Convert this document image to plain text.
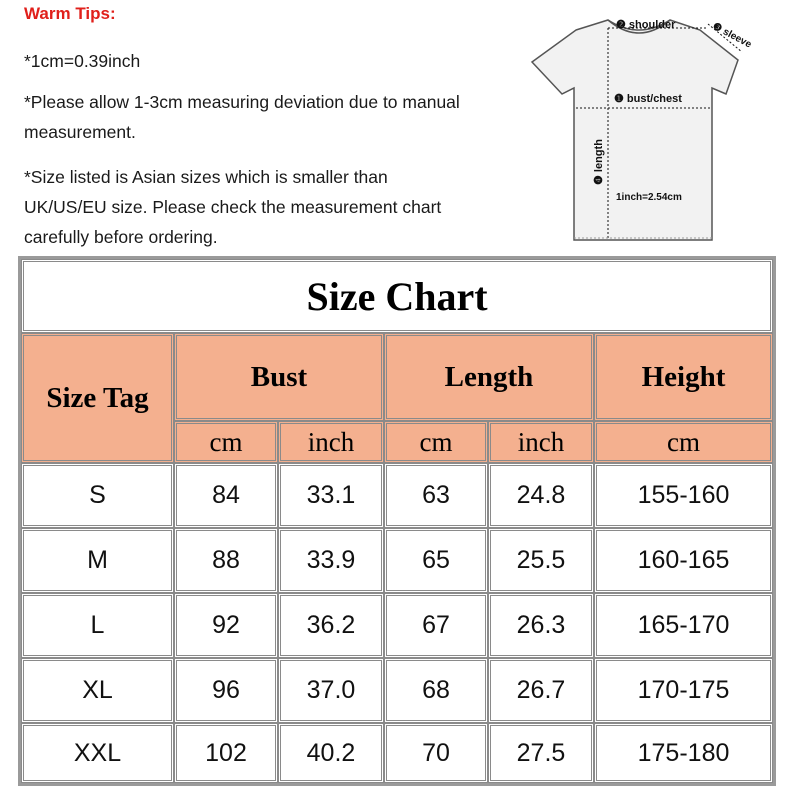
Warm Tips:
*1cm=0.39inch
*Please allow 1-3cm measuring deviation due to manual measurement.
*Size listed is Asian sizes which is smaller than UK/US/EU size. Please check the measurement chart carefully before ordering.
❷ shoulder	❸ sleeve
❶ bust/chest
❹ length
1inch=2.54cm
Size Chart
Size Tag
Bust	Length	Height
cm	inch	cm	inch	cm
S	84	33.1	63	24.8	155-160
M	88	33.9	65	25.5	160-165
L	92	36.2	67	26.3	165-170
XL	96	37.0	68	26.7	170-175
XXL	102	40.2	70	27.5	175-180
